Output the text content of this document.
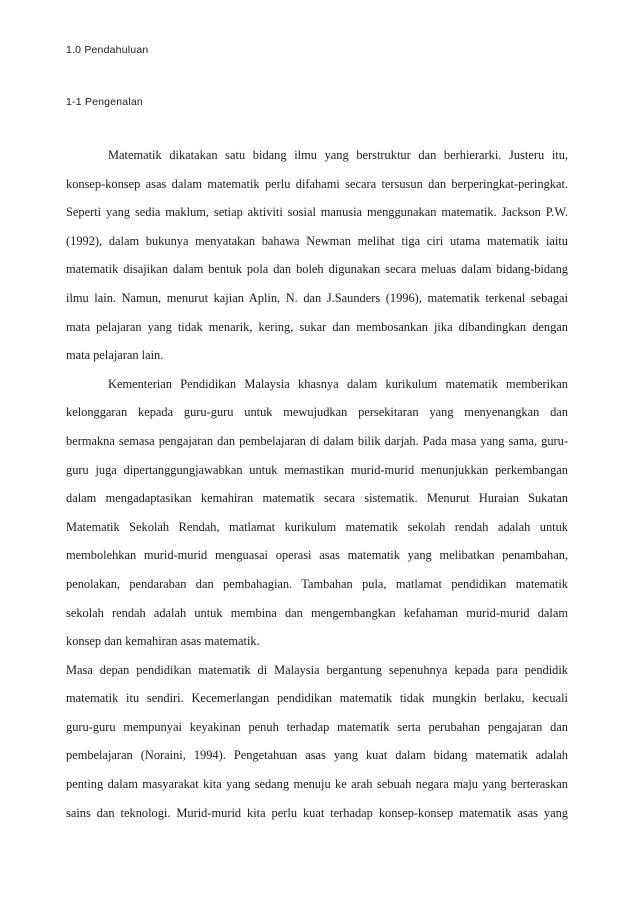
1.0 Pendahuluan
1-1 Pengenalan
Matematik dikatakan satu bidang ilmu yang berstruktur dan berhierarki. Justeru itu,
konsep-konsep asas dalam matematik perlu difahami secara tersusun dan berperingkat-peringkat.
Seperti yang sedia maklum, setiap aktiviti sosial manusia menggunakan matematik. Jackson P.W.
(1992), dalam bukunya menyatakan bahawa Newman melihat tiga ciri utama matematik iaitu
matematik disajikan dalam bentuk pola dan boleh digunakan secara meluas dalam bidang-bidang
ilmu lain. Namun, menurut kajian Aplin, N. dan J.Saunders (1996), matematik terkenal sebagai
mata pelajaran yang tidak menarik, kering, sukar dan membosankan jika dibandingkan dengan
mata pelajaran lain.
Kementerian Pendidikan Malaysia khasnya dalam kurikulum matematik memberikan
kelonggaran kepada guru-guru untuk mewujudkan persekitaran yang menyenangkan dan
bermakna semasa pengajaran dan pembelajaran di dalam bilik darjah. Pada masa yang sama, guru-
guru juga dipertanggungjawabkan untuk memastikan murid-murid menunjukkan perkembangan
dalam mengadaptasikan kemahiran matematik secara sistematik. Menurut Huraian Sukatan
Matematik Sekolah Rendah, matlamat kurikulum matematik sekolah rendah adalah untuk
membolehkan murid-murid menguasai operasi asas matematik yang melibatkan penambahan,
penolakan, pendaraban dan pembahagian. Tambahan pula, matlamat pendidikan matematik
sekolah rendah adalah untuk membina dan mengembangkan kefahaman murid-murid dalam
konsep dan kemahiran asas matematik.
Masa depan pendidikan matematik di Malaysia bergantung sepenuhnya kepada para pendidik
matematik itu sendiri. Kecemerlangan pendidikan matematik tidak mungkin berlaku, kecuali
guru-guru mempunyai keyakinan penuh terhadap matematik serta perubahan pengajaran dan
pembelajaran (Noraini, 1994). Pengetahuan asas yang kuat dalam bidang matematik adalah
penting dalam masyarakat kita yang sedang menuju ke arah sebuah negara maju yang berteraskan
sains dan teknologi. Murid-murid kita perlu kuat terhadap konsep-konsep matematik asas yang
